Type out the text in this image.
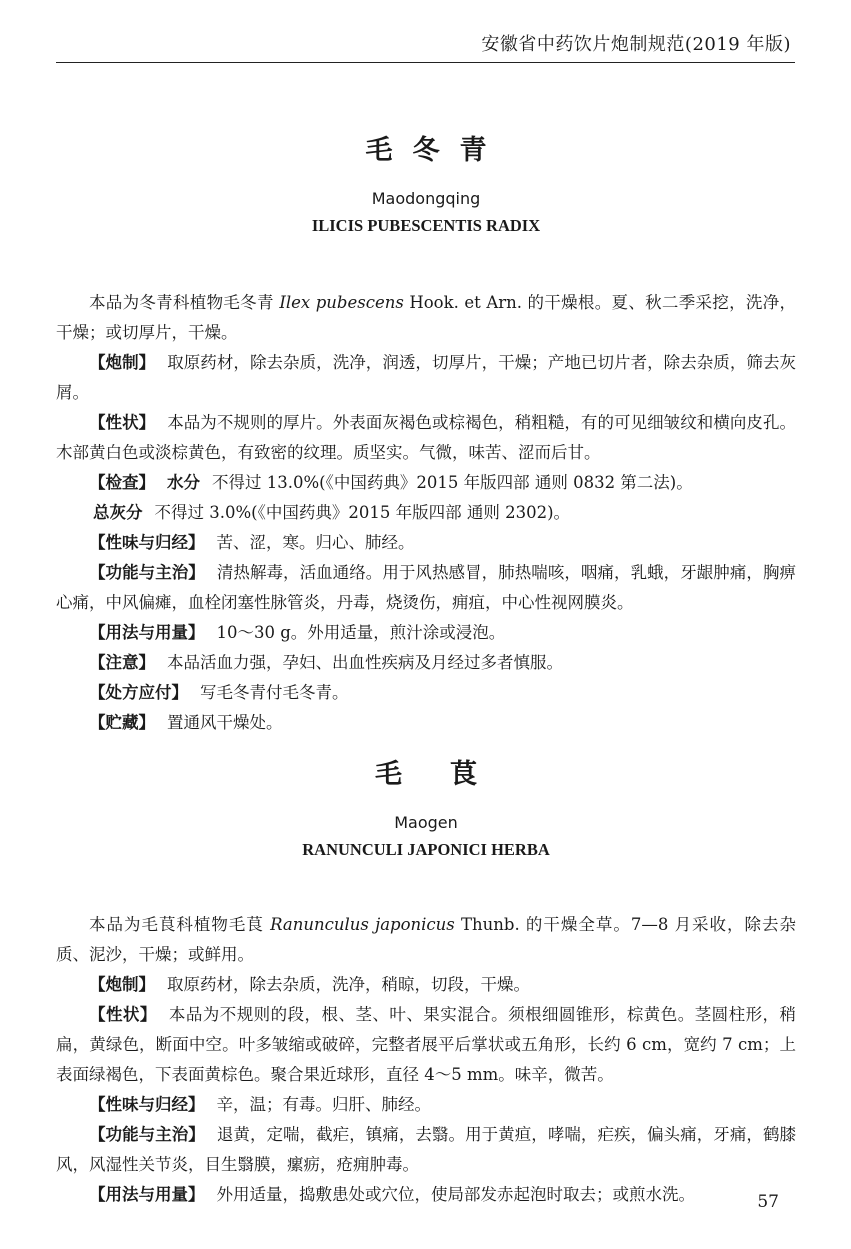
安徽省中药饮片炮制规范(2019 年版)
毛冬青
Maodongqing
ILICIS PUBESCENTIS RADIX

本品为冬青科植物毛冬青 Ilex pubescens Hook. et Arn. 的干燥根。夏、秋二季采挖，洗净，干燥；或切厚片，干燥。

【炮制】 取原药材，除去杂质，洗净，润透，切厚片，干燥；产地已切片者，除去杂质，筛去灰屑。

【性状】 本品为不规则的厚片。外表面灰褐色或棕褐色，稍粗糙，有的可见细皱纹和横向皮孔。木部黄白色或淡棕黄色，有致密的纹理。质坚实。气微，味苦、涩而后甘。

【检查】 水分 不得过 13.0%(《中国药典》2015 年版四部 通则 0832 第二法)。

总灰分 不得过 3.0%(《中国药典》2015 年版四部 通则 2302)。

【性味与归经】 苦、涩，寒。归心、肺经。

【功能与主治】 清热解毒，活血通络。用于风热感冒，肺热喘咳，咽痛，乳蛾，牙龈肿痛，胸痹心痛，中风偏瘫，血栓闭塞性脉管炎，丹毒，烧烫伤，痈疽，中心性视网膜炎。

【用法与用量】 10～30 g。外用适量，煎汁涂或浸泡。

【注意】 本品活血力强，孕妇、出血性疾病及月经过多者慎服。

【处方应付】 写毛冬青付毛冬青。

【贮藏】 置通风干燥处。

毛茛
Maogen
RANUNCULI JAPONICI HERBA

本品为毛茛科植物毛茛 Ranunculus japonicus Thunb. 的干燥全草。7—8 月采收，除去杂质、泥沙，干燥；或鲜用。

【炮制】 取原药材，除去杂质，洗净，稍晾，切段，干燥。

【性状】 本品为不规则的段，根、茎、叶、果实混合。须根细圆锥形，棕黄色。茎圆柱形，稍扁，黄绿色，断面中空。叶多皱缩或破碎，完整者展平后掌状或五角形，长约 6 cm，宽约 7 cm；上表面绿褐色，下表面黄棕色。聚合果近球形，直径 4～5 mm。味辛，微苦。

【性味与归经】 辛，温；有毒。归肝、肺经。

【功能与主治】 退黄，定喘，截疟，镇痛，去翳。用于黄疸，哮喘，疟疾，偏头痛，牙痛，鹤膝风，风湿性关节炎，目生翳膜，瘰疬，疮痈肿毒。

【用法与用量】 外用适量，捣敷患处或穴位，使局部发赤起泡时取去；或煎水洗。	57
